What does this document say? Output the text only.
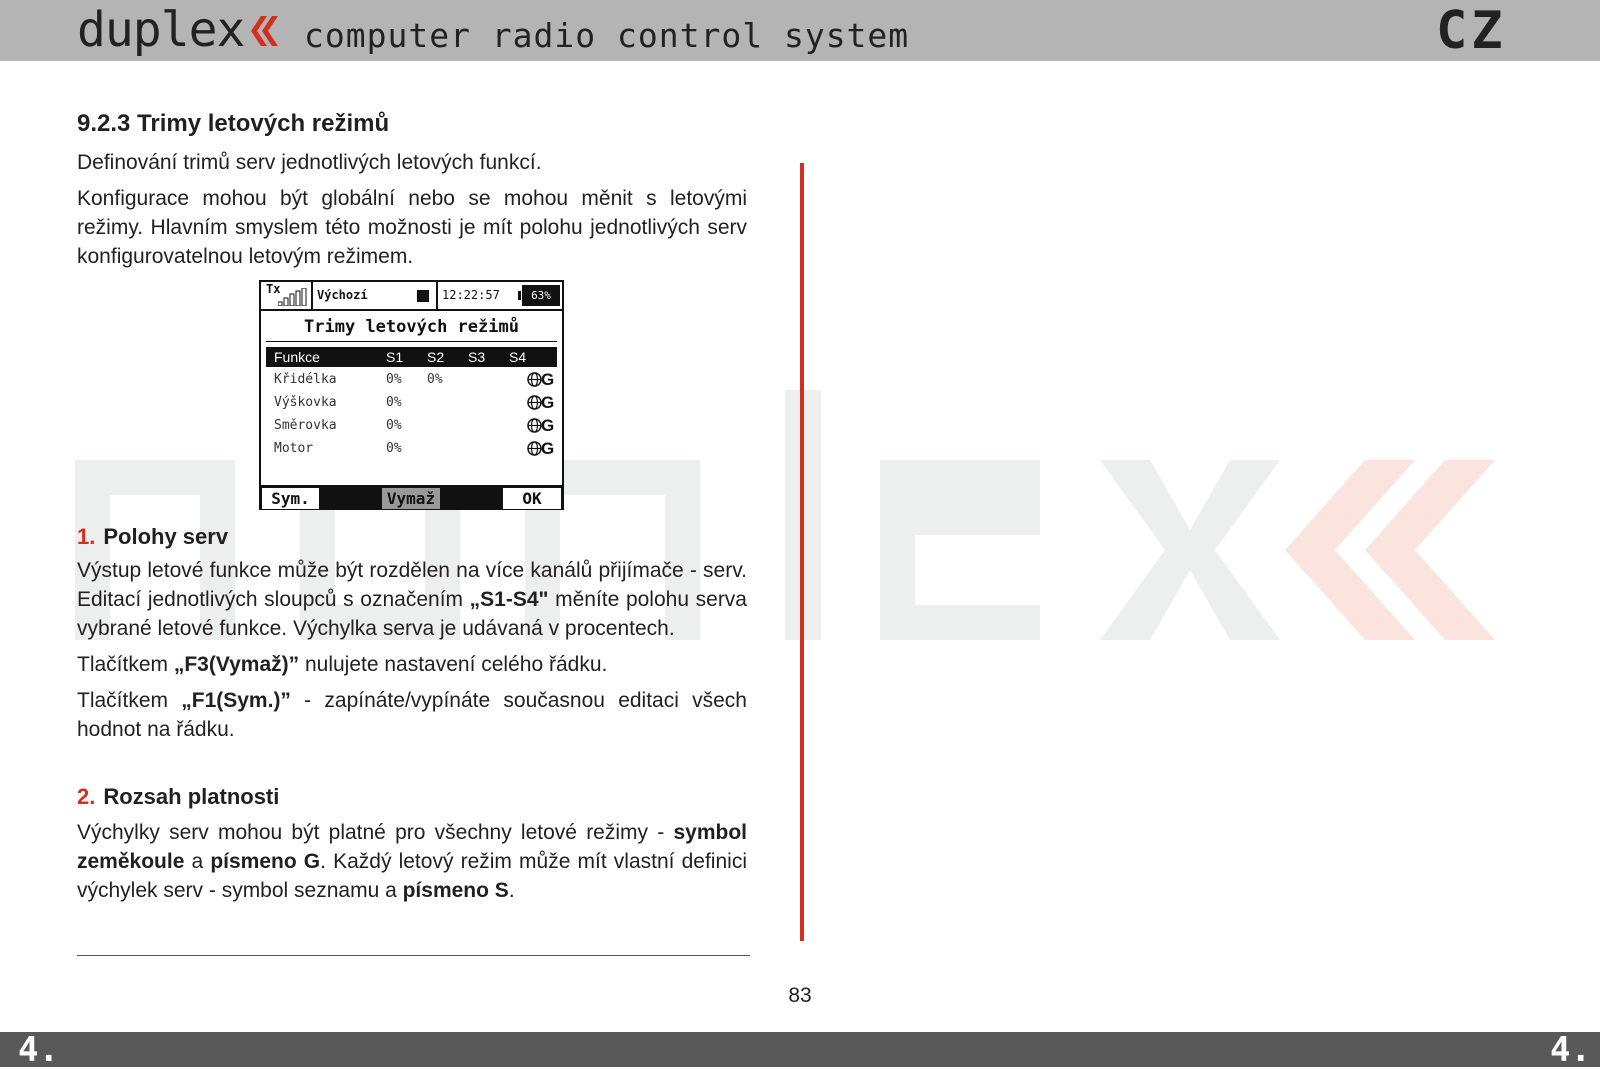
duplex computer radio control system	CZ
9.2.3 Trimy letových režimů

Definování trimů serv jednotlivých letových funkcí.

Konfigurace mohou být globální nebo se mohou měnit s letovými režimy. Hlavním smyslem této možnosti je mít polohu jednotlivých serv konfigurovatelnou letovým režimem.

Tx	Výchozí	12:22:57	63%
Trimy letových režimů
Funkce	S1 S2 S3 S4
Křidélka	0% 0%	G
Výškovka	0%	G
Směrovka	0%	G
Motor	0%	G
Sym.	Vymaž	OK
1. Polohy serv

Výstup letové funkce může být rozdělen na více kanálů přijímače - serv. Editací jednotlivých sloupců s označením „S1-S4" měníte polohu serva vybrané letové funkce. Výchylka serva je udávaná v procentech.

Tlačítkem „F3(Vymaž)” nulujete nastavení celého řádku.

Tlačítkem „F1(Sym.)” - zapínáte/vypínáte současnou editaci všech hodnot na řádku.

2. Rozsah platnosti

Výchylky serv mohou být platné pro všechny letové režimy - symbol zeměkoule a písmeno G. Každý letový režim může mít vlastní definici výchylek serv - symbol seznamu a písmeno S.

83
4.	4.
